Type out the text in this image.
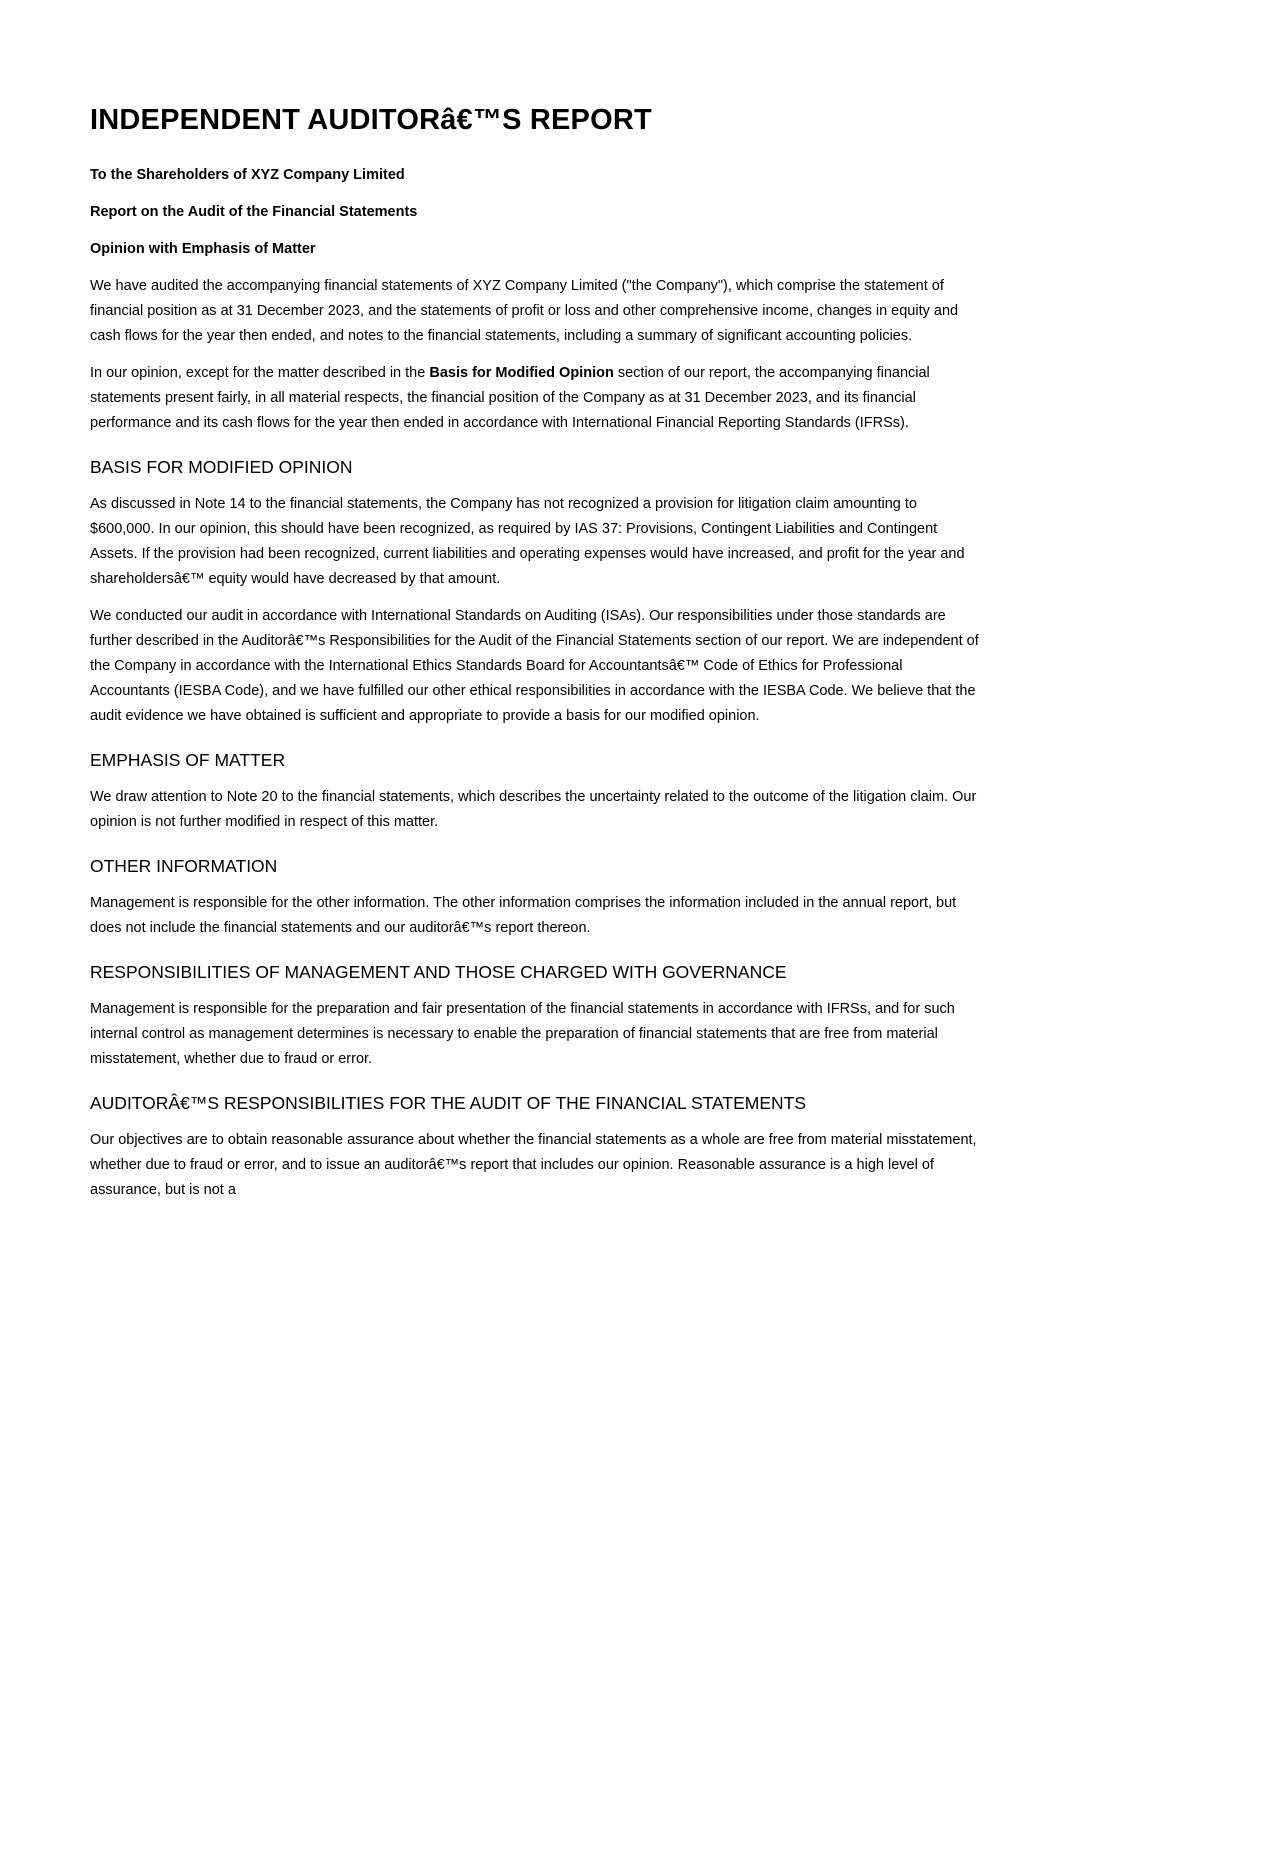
INDEPENDENT AUDITORâ€™S REPORT

To the Shareholders of XYZ Company Limited

Report on the Audit of the Financial Statements

Opinion with Emphasis of Matter

We have audited the accompanying financial statements of XYZ Company Limited ("the Company"), which comprise the statement of financial position as at 31 December 2023, and the statements of profit or loss and other comprehensive income, changes in equity and cash flows for the year then ended, and notes to the financial statements, including a summary of significant accounting policies.

In our opinion, except for the matter described in the Basis for Modified Opinion section of our report, the accompanying financial statements present fairly, in all material respects, the financial position of the Company as at 31 December 2023, and its financial performance and its cash flows for the year then ended in accordance with International Financial Reporting Standards (IFRSs).

BASIS FOR MODIFIED OPINION

As discussed in Note 14 to the financial statements, the Company has not recognized a provision for litigation claim amounting to $600,000. In our opinion, this should have been recognized, as required by IAS 37: Provisions, Contingent Liabilities and Contingent Assets. If the provision had been recognized, current liabilities and operating expenses would have increased, and profit for the year and shareholdersâ€™ equity would have decreased by that amount.

We conducted our audit in accordance with International Standards on Auditing (ISAs). Our responsibilities under those standards are further described in the Auditorâ€™s Responsibilities for the Audit of the Financial Statements section of our report. We are independent of the Company in accordance with the International Ethics Standards Board for Accountantsâ€™ Code of Ethics for Professional Accountants (IESBA Code), and we have fulfilled our other ethical responsibilities in accordance with the IESBA Code. We believe that the audit evidence we have obtained is sufficient and appropriate to provide a basis for our modified opinion.

EMPHASIS OF MATTER

We draw attention to Note 20 to the financial statements, which describes the uncertainty related to the outcome of the litigation claim. Our opinion is not further modified in respect of this matter.

OTHER INFORMATION

Management is responsible for the other information. The other information comprises the information included in the annual report, but does not include the financial statements and our auditorâ€™s report thereon.

RESPONSIBILITIES OF MANAGEMENT AND THOSE CHARGED WITH GOVERNANCE

Management is responsible for the preparation and fair presentation of the financial statements in accordance with IFRSs, and for such internal control as management determines is necessary to enable the preparation of financial statements that are free from material misstatement, whether due to fraud or error.

AUDITORÂ€™S RESPONSIBILITIES FOR THE AUDIT OF THE FINANCIAL STATEMENTS

Our objectives are to obtain reasonable assurance about whether the financial statements as a whole are free from material misstatement, whether due to fraud or error, and to issue an auditorâ€™s report that includes our opinion. Reasonable assurance is a high level of assurance, but is not a
